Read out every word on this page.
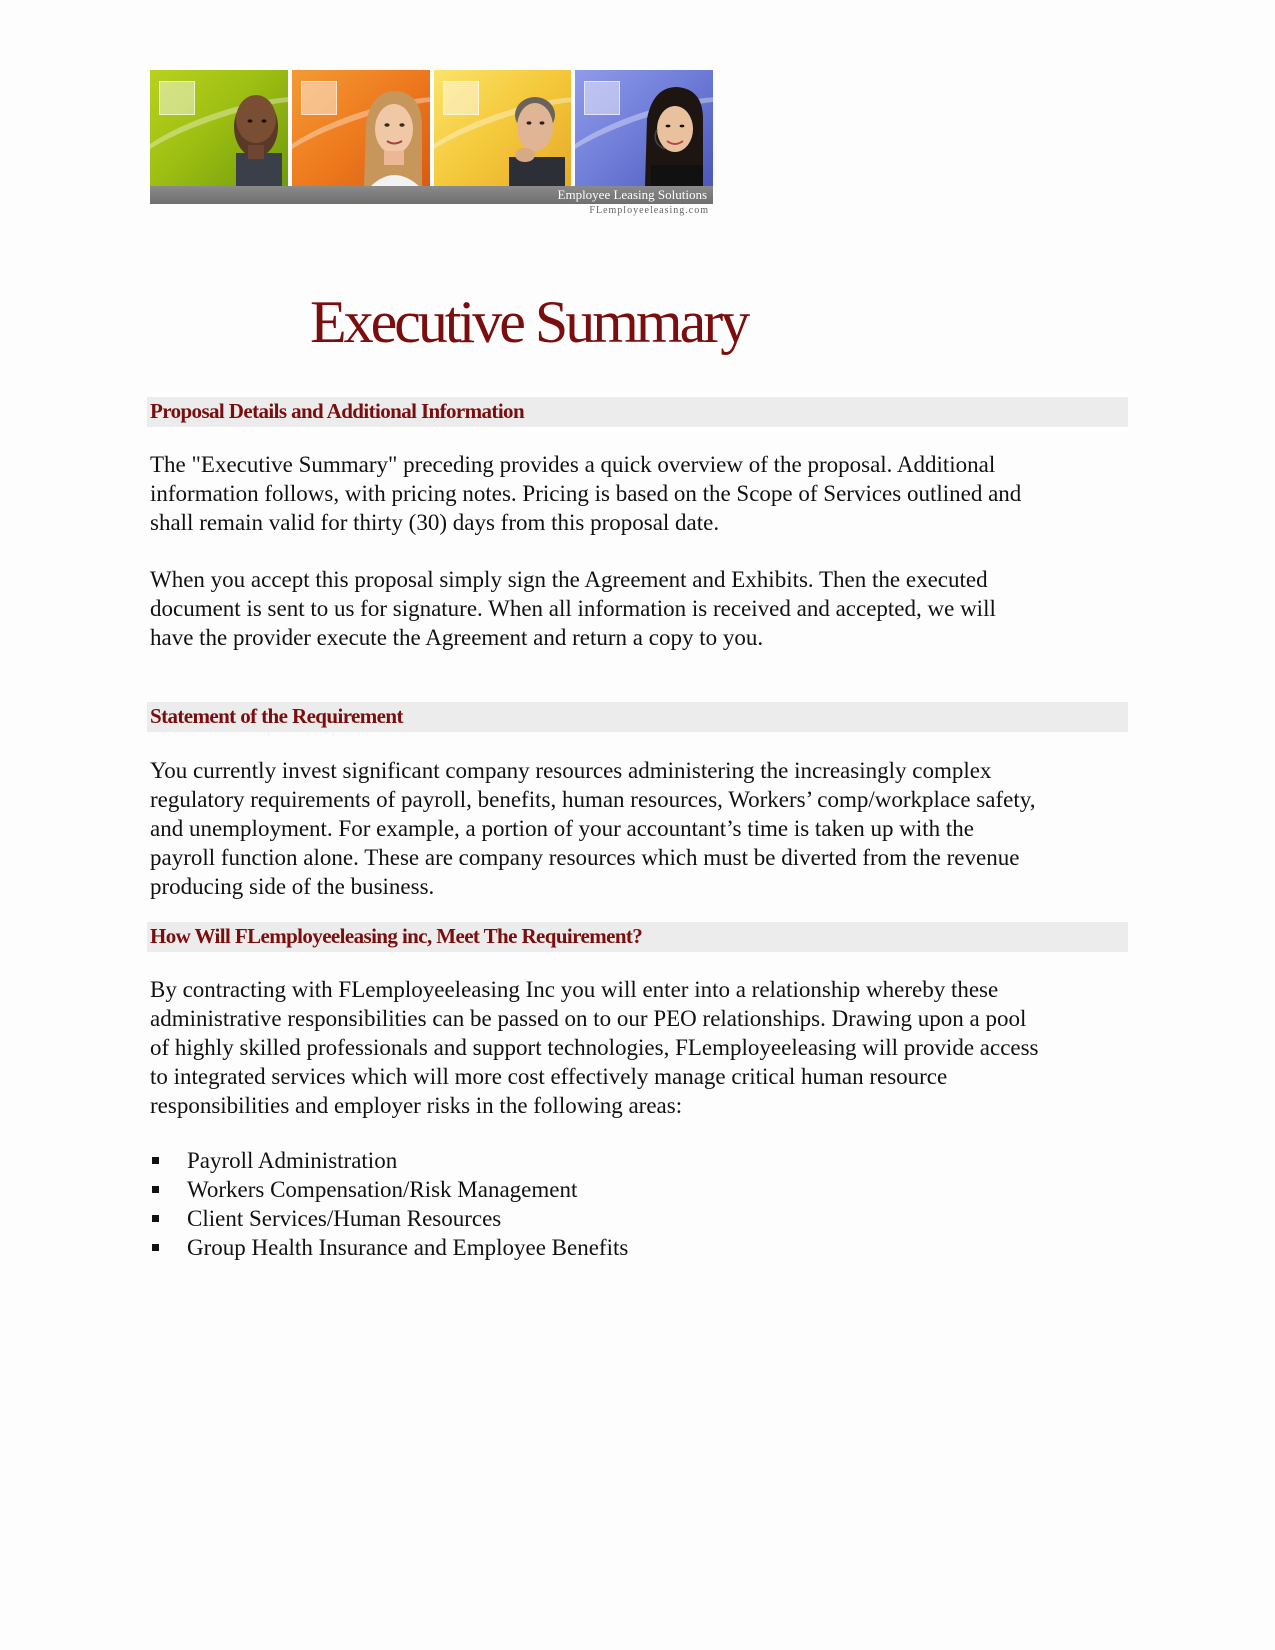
Employee Leasing Solutions
FLemployeeleasing.com
Executive Summary
Proposal Details and Additional Information

The "Executive Summary" preceding provides a quick overview of the proposal. Additional
information follows, with pricing notes. Pricing is based on the Scope of Services outlined and
shall remain valid for thirty (30) days from this proposal date.

When you accept this proposal simply sign the Agreement and Exhibits. Then the executed
document is sent to us for signature. When all information is received and accepted, we will
have the provider execute the Agreement and return a copy to you.

Statement of the Requirement

You currently invest significant company resources administering the increasingly complex
regulatory requirements of payroll, benefits, human resources, Workers’ comp/workplace safety,
and unemployment. For example, a portion of your accountant’s time is taken up with the
payroll function alone. These are company resources which must be diverted from the revenue
producing side of the business.

How Will FLemployeeleasing inc, Meet The Requirement?

By contracting with FLemployeeleasing Inc you will enter into a relationship whereby these
administrative responsibilities can be passed on to our PEO relationships. Drawing upon a pool
of highly skilled professionals and support technologies, FLemployeeleasing will provide access
to integrated services which will more cost effectively manage critical human resource
responsibilities and employer risks in the following areas:

Payroll Administration
Workers Compensation/Risk Management
Client Services/Human Resources
Group Health Insurance and Employee Benefits
